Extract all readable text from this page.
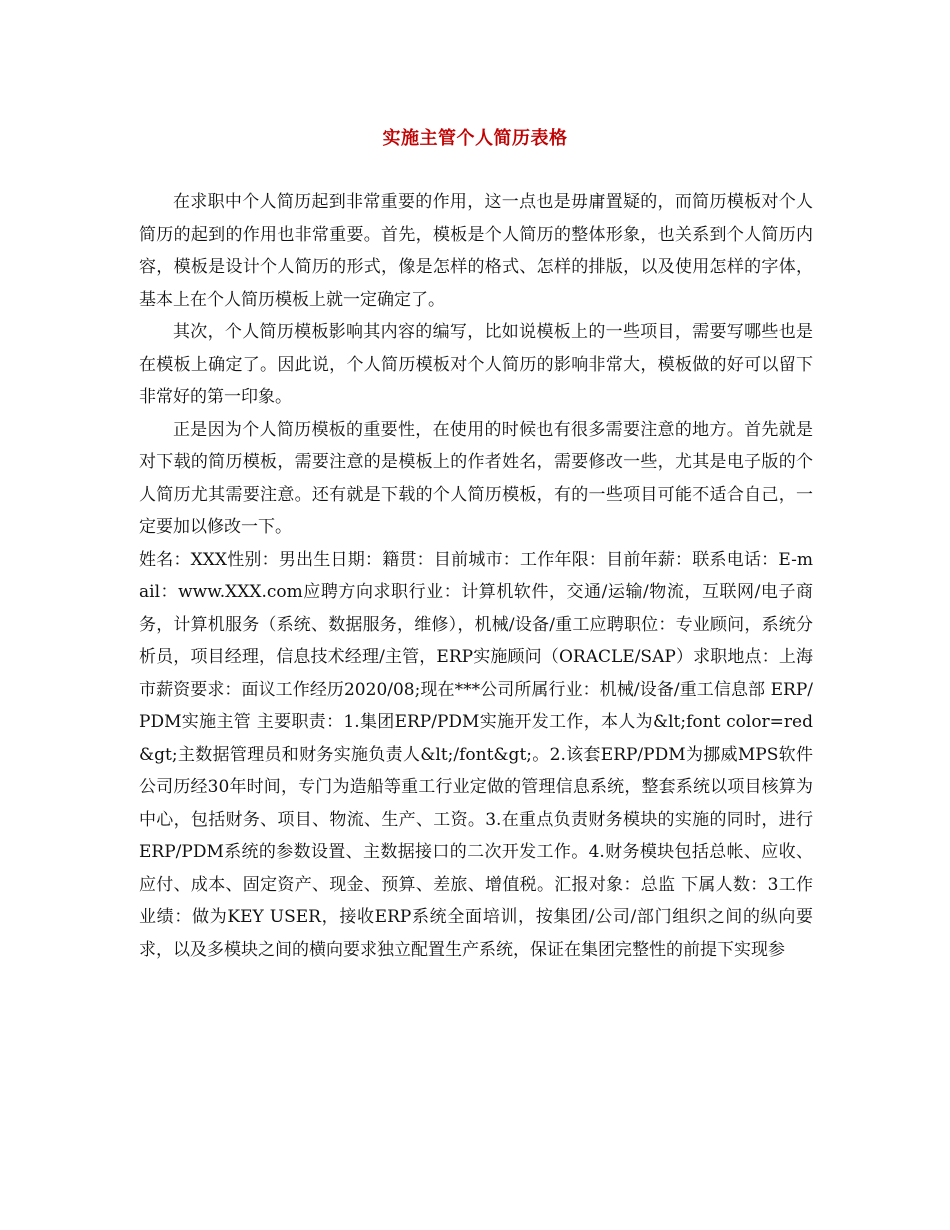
实施主管个人简历表格

在求职中个人简历起到非常重要的作用，这一点也是毋庸置疑的，而简历模板对个人简历的起到的作用也非常重要。首先，模板是个人简历的整体形象，也关系到个人简历内容，模板是设计个人简历的形式，像是怎样的格式、怎样的排版，以及使用怎样的字体，基本上在个人简历模板上就一定确定了。

其次，个人简历模板影响其内容的编写，比如说模板上的一些项目，需要写哪些也是在模板上确定了。因此说，个人简历模板对个人简历的影响非常大，模板做的好可以留下非常好的第一印象。

正是因为个人简历模板的重要性，在使用的时候也有很多需要注意的地方。首先就是对下载的简历模板，需要注意的是模板上的作者姓名，需要修改一些，尤其是电子版的个人简历尤其需要注意。还有就是下载的个人简历模板，有的一些项目可能不适合自己，一定要加以修改一下。

姓名：XXX性别：男出生日期：籍贯：目前城市：工作年限：目前年薪：联系电话：E-mail：www.XXX.com应聘方向求职行业：计算机软件，交通/运输/物流，互联网/电子商务，计算机服务（系统、数据服务，维修），机械/设备/重工应聘职位：专业顾问，系统分析员，项目经理，信息技术经理/主管，ERP实施顾问（ORACLE/SAP）求职地点：上海市薪资要求：面议工作经历2020/08;现在***公司所属行业：机械/设备/重工信息部 ERP/PDM实施主管 主要职责：1.集团ERP/PDM实施开发工作，本人为&lt;font color=red&gt;主数据管理员和财务实施负责人&lt;/font&gt;。2.该套ERP/PDM为挪威MPS软件公司历经30年时间，专门为造船等重工行业定做的管理信息系统，整套系统以项目核算为中心，包括财务、项目、物流、生产、工资。3.在重点负责财务模块的实施的同时，进行ERP/PDM系统的参数设置、主数据接口的二次开发工作。4.财务模块包括总帐、应收、应付、成本、固定资产、现金、预算、差旅、增值税。汇报对象：总监 下属人数：3工作业绩：做为KEY USER，接收ERP系统全面培训，按集团/公司/部门组织之间的纵向要求，以及多模块之间的横向要求独立配置生产系统，保证在集团完整性的前提下实现参
